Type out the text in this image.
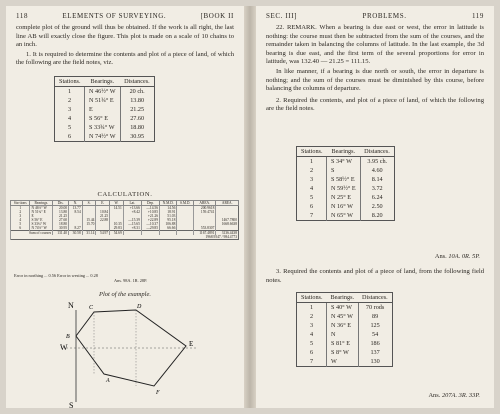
118	ELEMENTS OF SURVEYING.	[BOOK II

complete plot of the ground will thus be obtained. If the work is all right, the last line AB will exactly close the figure. This plot is made on a scale of 10 chains to an inch.

1. It is required to determine the contents and plot of a piece of land, of which the following are the field notes, viz.

Stations.	Bearings.	Distances.
1	N 46½° W	20 ch.
2	N 51¾° E	13.80
3	E	21.25
4	S 56° E	27.60
5	S 33¾° W	18.80
6	N 74½° W	30.95
CALCULATION.
Sta-tions	Bearings.	Dis.	N.	S.	E.	W.	Lat.	Dep.	N.M.D.	S.M.D.	AREA.	AREA.
1	N 46½° W	20.00	13.77			14.51	+13.66	—14.56	14.56		200.9618	
2	N 51¾° E	13.80	8.54		10.84		+8.42	+10.85	18.91		159.4741	
3	E	21.25			21.25			+21.26	51.03			
4	S 56° E	27.60		15.44	22.88		—15.39	+22.89	95.18			1467.7800
5	S 33¾° W	18.80		15.70		10.35	—15.65	—10.37	106.88			1668.6638
6	N 74½° W	30.95	8.27			29.83	+8.31	—29.85	66.66		553.8307	
Sum of courses		131.40	30.58	31.14	54.97	54.69					1167.4891	3136.4438
1968.9547 / 984.4773												
Error in northing ... 0.56 Error in westing ... 0.28
Ans. 98A. 1R. 28P.
Plot of the example.
N
S
W
B
C	D
E
A
F
SEC. III]	PROBLEMS.	119

22. REMARK. When a bearing is due east or west, the error in latitude is nothing: the course must then be subtracted from the sum of the courses, and the remainder taken in balancing the columns of latitude. In the last example, the 3d bearing is due east, and the first term of the several proportions for error in latitude, was 132.40 — 21.25 = 111.15.

In like manner, if a bearing is due north or south, the error in departure is nothing; and the sum of the courses must be diminished by this course, before balancing the columns of departure.

2. Required the contents, and plot of a piece of land, of which the following are the field notes.

Stations.	Bearings.	Distances.
1	S 34° W	3.95 ch.
2	S	4.60
3	S 58½° E	8.14
4	N 59½° E	3.72
5	N 25° E	6.24
6	N 16° W	2.50
7	N 65° W	8.20
Ans. 10A. 0R. 5P.

3. Required the contents and plot of a piece of land, from the following field notes.

Stations.	Bearings.	Distances.
1	S 40° W	70 rods
2	N 45° W	89
3	N 36° E	125
4	N	54
5	S 81° E	186
6	S 8° W	137
7	W	130
Ans. 207A. 3R. 33P.
